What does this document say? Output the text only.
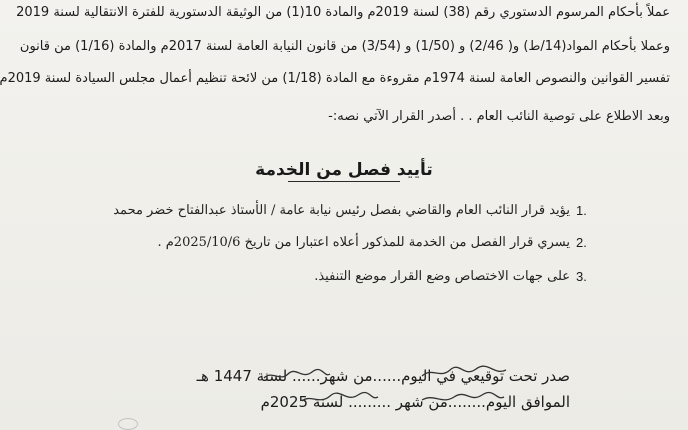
عملاً بأحكام المرسوم الدستوري رقم (38) لسنة 2019م والمادة 10(1) من الوثيقة الدستورية للفترة الانتقالية لسنة 2019
وعملا بأحكام المواد(14/ط) و( 2/46) و (1/50) و (3/54) من قانون النيابة العامة لسنة 2017م والمادة (1/16) من قانون
تفسير القوانين والنصوص العامة لسنة 1974م مقروءة مع المادة (1/18) من لائحة تنظيم أعمال مجلس السيادة لسنة 2019م
وبعد الاطلاع على توصية النائب العام . . أصدر القرار الآتي نصه:-
تأييد فصل من الخدمة
يؤيد قرار النائب العام والقاضي بفصل رئيس نيابة عامة / الأستاذ عبدالفتاح خضر محمد 1.
يسري قرار الفصل من الخدمة للمذكور أعلاه اعتبارا من تاريخ 2025/10/6م . 2.
على جهات الاختصاص وضع القرار موضع التنفيذ. 3.
صدر تحت توقيعي في اليوم......من شهر...... لسنة 1447 هـ
الموافق اليوم........من شهر ......... لسنة 2025م
